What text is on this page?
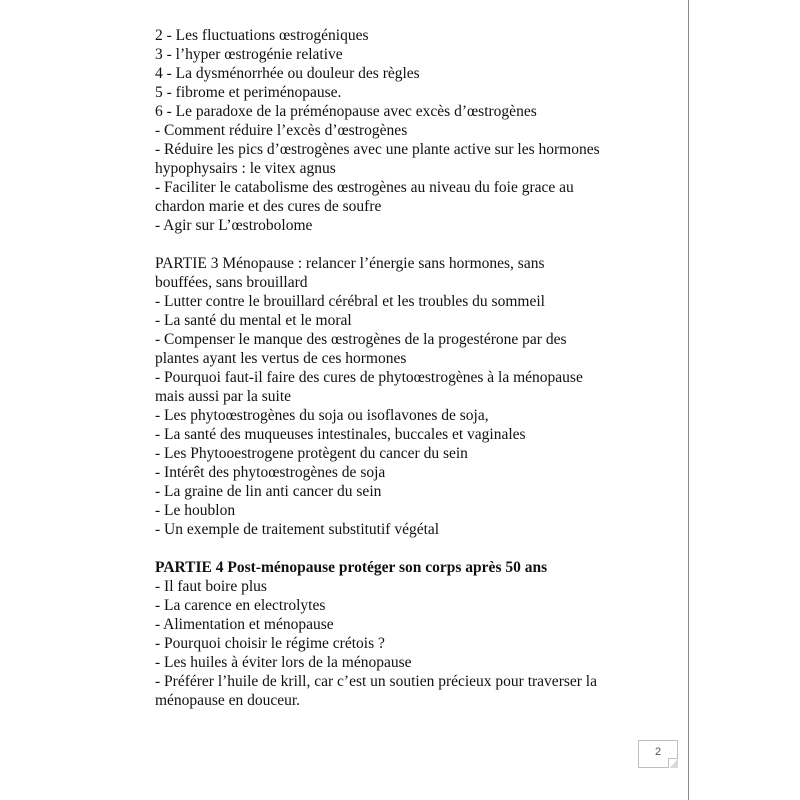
2 - Les fluctuations œstrogéniques
3 - l’hyper œstrogénie relative
4 - La dysménorrhée ou douleur des règles
5 - fibrome et periménopause.
6 - Le paradoxe de la préménopause avec excès d’œstrogènes
- Comment réduire l’excès d’œstrogènes
- Réduire les pics d’œstrogènes avec une plante active sur les hormones
hypophysairs : le vitex agnus
- Faciliter le catabolisme des œstrogènes au niveau du foie grace au
chardon marie et des cures de soufre
- Agir sur L’œstrobolome
PARTIE 3 Ménopause : relancer l’énergie sans hormones, sans
bouffées, sans brouillard
- Lutter contre le brouillard cérébral et les troubles du sommeil
- La santé du mental et le moral
- Compenser le manque des œstrogènes de la progestérone par des
plantes ayant les vertus de ces hormones
- Pourquoi faut-il faire des cures de phytoœstrogènes à la ménopause
mais aussi par la suite
- Les phytoœstrogènes du soja ou isoflavones de soja,
- La santé des muqueuses intestinales, buccales et vaginales
- Les Phytooestrogene protègent du cancer du sein
- Intérêt des phytoœstrogènes de soja
- La graine de lin anti cancer du sein
- Le houblon
- Un exemple de traitement substitutif végétal
PARTIE 4 Post-ménopause protéger son corps après 50 ans
- Il faut boire plus
- La carence en electrolytes
- Alimentation et ménopause
- Pourquoi choisir le régime crétois ?
- Les huiles à éviter lors de la ménopause
- Préférer l’huile de krill, car c’est un soutien précieux pour traverser la
ménopause en douceur.
2
